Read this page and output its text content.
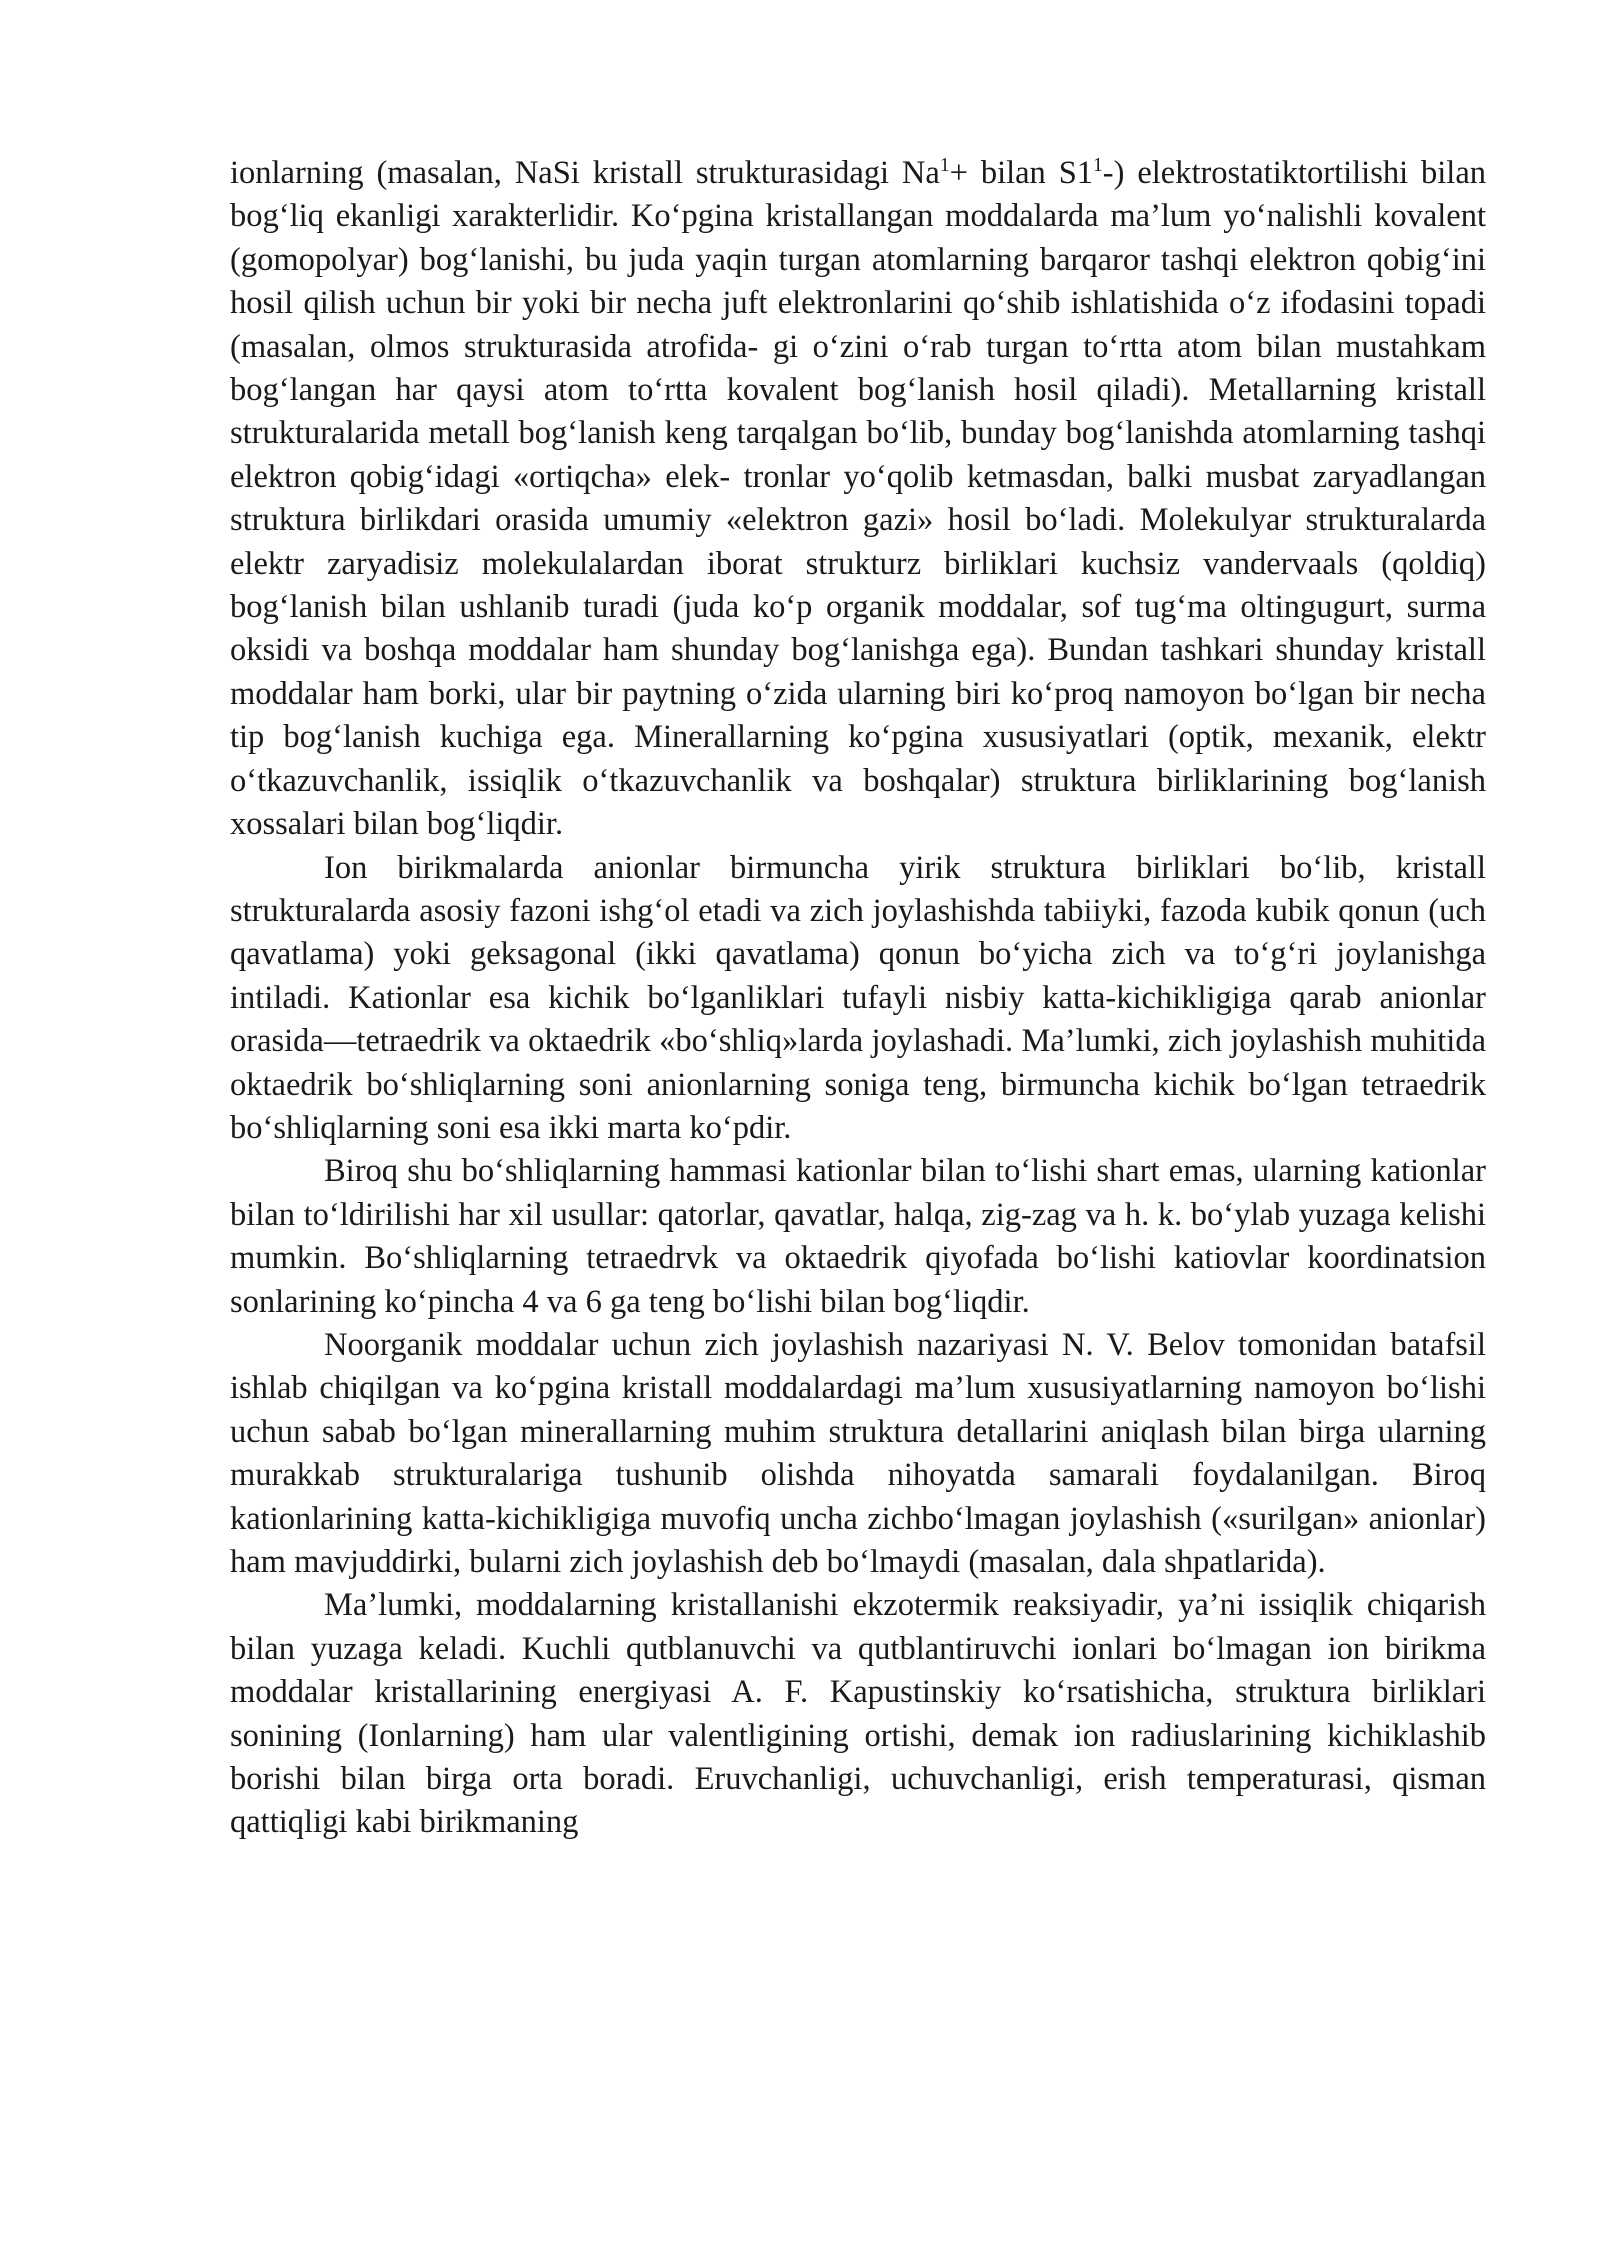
ionlarning (masalan, NaSi kristall strukturasidagi $Na^1+$ bilan $S1^1-$) elektrostatiktortilishi bilan bog‘liq ekanligi xarakterlidir. Ko‘pgina kristallangan moddalarda ma’lum yo‘nalishli kovalent (gomopolyar) bog‘lanishi, bu juda yaqin turgan atomlarning barqaror tashqi elektron qobig‘ini hosil qilish uchun bir yoki bir necha juft elektronlarini qo‘shib ishlatishida o‘z ifodasini topadi (masalan, olmos strukturasida atrofida- gi o‘zini o‘rab turgan to‘rtta atom bilan mustahkam bog‘langan har qaysi atom to‘rtta kovalent bog‘lanish hosil qiladi). Metallarning kristall strukturalarida metall bog‘lanish keng tarqalgan bo‘lib, bunday bog‘lanishda atomlarning tashqi elektron qobig‘idagi «ortiqcha» elek- tronlar yo‘qolib ketmasdan, balki musbat zaryadlangan struktura birlikdari orasida umumiy «elektron gazi» hosil bo‘ladi. Molekulyar strukturalarda elektr zaryadisiz molekulalardan iborat strukturz birliklari kuchsiz vandervaals (qoldiq) bog‘lanish bilan ushlanib turadi (juda ko‘p organik moddalar, sof tug‘ma oltingugurt, surma oksidi va boshqa moddalar ham shunday bog‘lanishga ega). Bundan tashkari shunday kristall moddalar ham borki, ular bir paytning o‘zida ularning biri ko‘proq namoyon bo‘lgan bir necha tip bog‘lanish kuchiga ega. Minerallarning ko‘pgina xususiyatlari (optik, mexanik, elektr o‘tkazuvchanlik, issiqlik o‘tkazuvchanlik va boshqalar) struktura birliklarining bog‘lanish xossalari bilan bog‘liqdir.

Ion birikmalarda anionlar birmuncha yirik struktura birliklari bo‘lib, kristall strukturalarda asosiy fazoni ishg‘ol etadi va zich joylashishda tabiiyki, fazoda kubik qonun (uch qavatlama) yoki geksagonal (ikki qavatlama) qonun bo‘yicha zich va to‘g‘ri joylanishga intiladi. Kationlar esa kichik bo‘lganliklari tufayli nisbiy katta-kichikligiga qarab anionlar orasida—tetraedrik va oktaedrik «bo‘shliq»larda joylashadi. Ma’lumki, zich joylashish muhitida oktaedrik bo‘shliqlarning soni anionlarning soniga teng, birmuncha kichik bo‘lgan tetraedrik bo‘shliqlarning soni esa ikki marta ko‘pdir.

Biroq shu bo‘shliqlarning hammasi kationlar bilan to‘lishi shart emas, ularning kationlar bilan to‘ldirilishi har xil usullar: qatorlar, qavatlar, halqa, zig-zag va h. k. bo‘ylab yuzaga kelishi mumkin. Bo‘shliqlarning tetraedrvk va oktaedrik qiyofada bo‘lishi katiovlar koordinatsion sonlarining ko‘pincha 4 va 6 ga teng bo‘lishi bilan bog‘liqdir.

Noorganik moddalar uchun zich joylashish nazariyasi N. V. Belov tomonidan batafsil ishlab chiqilgan va ko‘pgina kristall moddalardagi ma’lum xususiyatlarning namoyon bo‘lishi uchun sabab bo‘lgan minerallarning muhim struktura detallarini aniqlash bilan birga ularning murakkab strukturalariga tushunib olishda nihoyatda samarali foydalanilgan. Biroq kationlarining katta-kichikligiga muvofiq uncha zichbo‘lmagan joylashish («surilgan» anionlar) ham mavjuddirki, bularni zich joylashish deb bo‘lmaydi (masalan, dala shpatlarida).

Ma’lumki, moddalarning kristallanishi ekzotermik reaksiyadir, ya’ni issiqlik chiqarish bilan yuzaga keladi. Kuchli qutblanuvchi va qutblantiruvchi ionlari bo‘lmagan ion birikma moddalar kristallarining energiyasi A. F. Kapustinskiy ko‘rsatishicha, struktura birliklari sonining (Ionlarning) ham ular valentligining ortishi, demak ion radiuslarining kichiklashib borishi bilan birga orta boradi. Eruvchanligi, uchuvchanligi, erish temperaturasi, qisman qattiqligi kabi birikmaning
